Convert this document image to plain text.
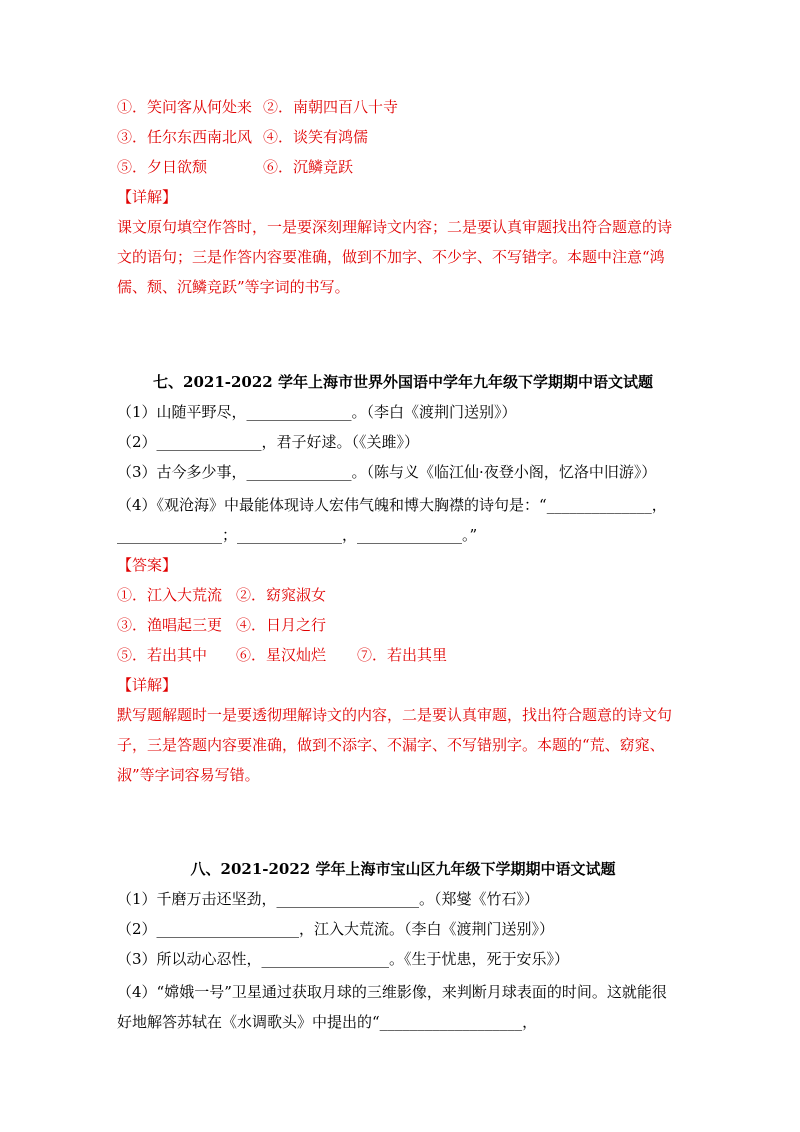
①．笑问客从何处来 ②．南朝四百八十寺
③．任尔东西南北风 ④．谈笑有鸿儒
⑤．夕日欲颓	⑥．沉鳞竞跃
【详解】
课文原句填空作答时，一是要深刻理解诗文内容；二是要认真审题找出符合题意的诗
文的语句；三是作答内容要准确，做到不加字、不少字、不写错字。本题中注意“鸿
儒、颓、沉鳞竞跃”等字词的书写。
七、2021-2022 学年上海市世界外国语中学年九年级下学期期中语文试题
（1）山随平野尽，______________。（李白《渡荆门送别》）
（2）______________，君子好逑。（《关雎》）
（3）古今多少事，______________。（陈与义《临江仙·夜登小阁，忆洛中旧游》）
（4）《观沧海》中最能体现诗人宏伟气魄和博大胸襟的诗句是：“______________，
______________；______________，______________。”
【答案】
①．江入大荒流 ②．窈窕淑女
③．渔唱起三更 ④．日月之行
⑤．若出其中 ⑥．星汉灿烂 ⑦．若出其里
【详解】
默写题解题时一是要透彻理解诗文的内容，二是要认真审题，找出符合题意的诗文句
子，三是答题内容要准确，做到不添字、不漏字、不写错别字。本题的“荒、窈窕、
淑”等字词容易写错。
八、2021-2022 学年上海市宝山区九年级下学期期中语文试题
（1）千磨万击还坚劲，___________________。（郑燮《竹石》）
（2）___________________，江入大荒流。（李白《渡荆门送别》）
（3）所以动心忍性，_________________。《生于忧患，死于安乐》）
（4）“嫦娥一号”卫星通过获取月球的三维影像，来判断月球表面的时间。这就能很
好地解答苏轼在《水调歌头》中提出的“___________________，
